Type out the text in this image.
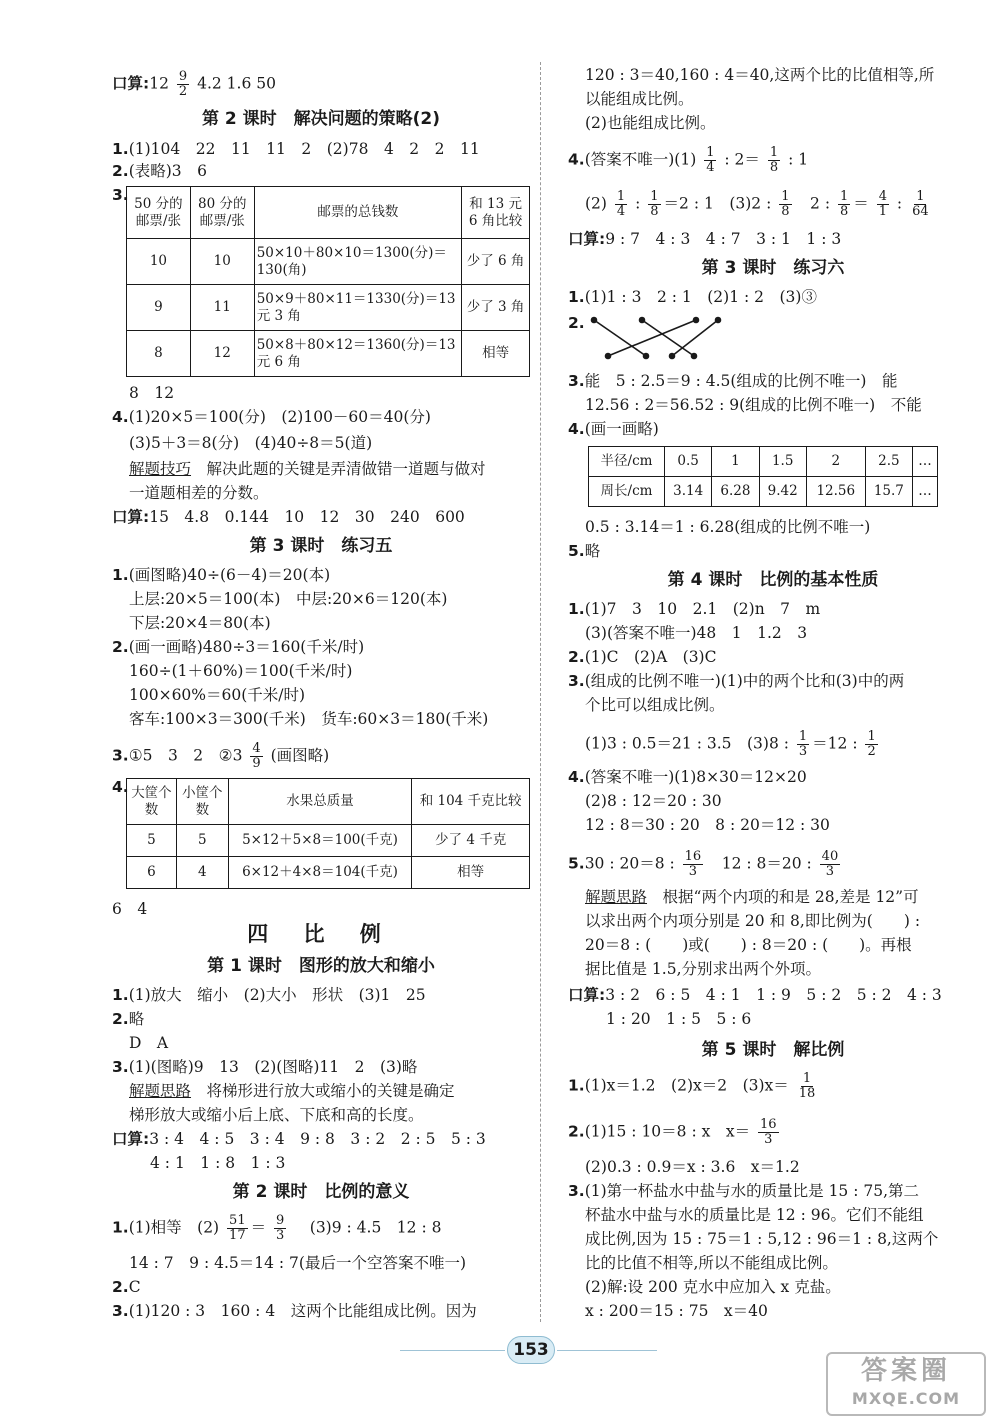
口算:12 $\frac{9}{2} 4.2$ 1.6 50
第 2 课时　解决问题的策略(2)
1.(1)104　22　11　11　2　(2)78　4　2　2　11
2.(表略)3　6
3. 50 分的邮票/张	80 分的邮票/张	邮票的总钱数	和 13 元 6 角比较
10	10	50×10＋80×10＝1300(分)＝130(角)	少了 6 角
9	11	50×9＋80×11＝1330(分)＝13 元 3 角	少了 3 角
8	12	50×8＋80×12＝1360(分)＝13 元 6 角	相等
8　12
4.(1)20×5＝100(分)　(2)100－60＝40(分)
(3)5＋3＝8(分)　(4)40÷8＝5(道)
解题技巧　解决此题的关键是弄清做错一道题与做对
一道题相差的分数。
口算:15　4.8　0.144　10　12　30　240　600
第 3 课时　练习五
1.(画图略)40÷(6－4)＝20(本)
上层:20×5＝100(本)　中层:20×6＝120(本)
下层:20×4＝80(本)
2.(画一画略)480÷3＝160(千米/时)
160÷(1＋60%)＝100(千米/时)
100×60%＝60(千米/时)
客车:100×3＝300(千米)　货车:60×3＝180(千米)
3.①5　3　2　②3 $\frac{4}{9}$ (画图略)
4. 大筐个数	小筐个数	水果总质量	和 104 千克比较
5	5	5×12＋5×8＝100(千克)	少了 4 千克
6	4	6×12＋4×8＝104(千克)	相等
6　4
四 比 例
第 1 课时　图形的放大和缩小
1.(1)放大　缩小　(2)大小　形状　(3)1　25
2.略
D　A
3.(1)(图略)9　13　(2)(图略)11　2　(3)略
解题思路　将梯形进行放大或缩小的关键是确定
梯形放大或缩小后上底、下底和高的长度。
口算:3 : 4　4 : 5　3 : 4　9 : 8　3 : 2　2 : 5　5 : 3
4 : 1　1 : 8　1 : 3
第 2 课时　比例的意义
1.(1)相等　$(2) \frac{51}{17} = \frac{9}{3}$ 　(3)9 : 4.5　12 : 8
14 : 7　9 : 4.5＝14 : 7(最后一个空答案不唯一)
2.C
3.(1)120 : 3　160 : 4　这两个比能组成比例。因为
120 : 3＝40,160 : 4＝40,这两个比的比值相等,所
以能组成比例。
(2)也能组成比例。
4.(答案不唯一)$(1) \frac{1}{4}$ : $2= \frac{1}{8}$ : 1
$(2) \frac{1}{4}$ : $\frac{1}{8} =2$ : 1　(3)2 : $\frac{1}{8}$ 　2 : $\frac{1}{8} = \frac{4}{1}$ : $\frac{1}{64}$
口算:9 : 7　4 : 3　4 : 7　3 : 1　1 : 3
第 3 课时　练习六
1.(1)1 : 3　2 : 1　(2)1 : 2　(3)③
2.
3.能　5 : 2.5＝9 : 4.5(组成的比例不唯一)　能
12.56 : 2＝56.52 : 9(组成的比例不唯一)　不能
4.(画一画略)
半径/cm	0.5	1	1.5	2	2.5	…
周长/cm	3.14	6.28	9.42	12.56	15.7	…
0.5 : 3.14＝1 : 6.28(组成的比例不唯一)
5.略
第 4 课时　比例的基本性质
1.(1)7　3　10　2.1　(2)n　7　m
(3)(答案不唯一)48　1　1.2　3
2.(1)C　(2)A　(3)C
3.(组成的比例不唯一)(1)中的两个比和(3)中的两
个比可以组成比例。
(1)3 : 0.5＝21 : 3.5　(3)8 : $\frac{1}{3} =12$ : $\frac{1}{2}$
4.(答案不唯一)(1)8×30＝12×20
(2)8 : 12＝20 : 30
12 : 8＝30 : 20　8 : 20＝12 : 30
5.30 : 20＝8 : $\frac{16}{3}$ 　12 : 8＝20 : $\frac{40}{3}$
解题思路　根据“两个内项的和是 28,差是 12”可
以求出两个内项分别是 20 和 8,即比例为(　　) :
20＝8 : (　　)或(　　) : 8＝20 : (　　)。再根
据比值是 1.5,分别求出两个外项。
口算:3 : 2　6 : 5　4 : 1　1 : 9　5 : 2　5 : 2　4 : 3
1 : 20　1 : 5　5 : 6
第 5 课时　解比例
1.(1)x＝1.2　(2)x＝2　$(3)x= \frac{1}{18}$
2.(1)15 : 10＝8 : x　$x= \frac{16}{3}$
(2)0.3 : 0.9＝x : 3.6　x＝1.2
3.(1)第一杯盐水中盐与水的质量比是 15 : 75,第二
杯盐水中盐与水的质量比是 12 : 96。它们不能组
成比例,因为 15 : 75＝1 : 5,12 : 96＝1 : 8,这两个
比的比值不相等,所以不能组成比例。
(2)解:设 200 克水中应加入 x 克盐。
x : 200＝15 : 75　x＝40
153
答案圈
MXQE.COM
